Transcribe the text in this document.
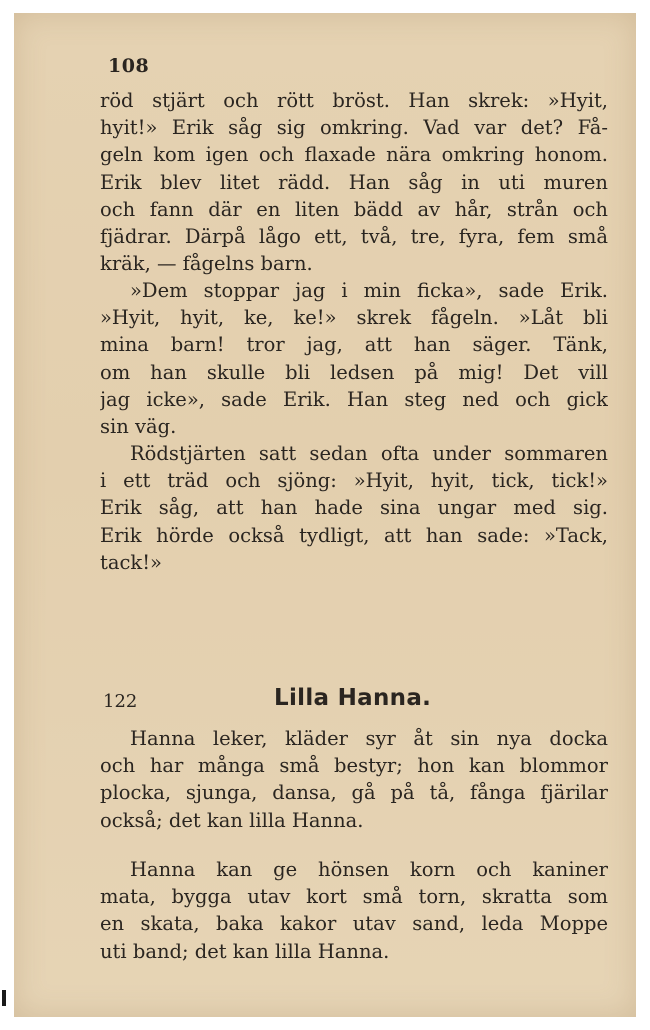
108
röd stjärt och rött bröst. Han skrek: »Hyit,
hyit!» Erik såg sig omkring. Vad var det? Få-
geln kom igen och flaxade nära omkring honom.
Erik blev litet rädd. Han såg in uti muren
och fann där en liten bädd av hår, strån och
fjädrar. Därpå lågo ett, två, tre, fyra, fem små
kräk, — fågelns barn.
»Dem stoppar jag i min ficka», sade Erik.
»Hyit, hyit, ke, ke!» skrek fågeln. »Låt bli
mina barn! tror jag, att han säger. Tänk,
om han skulle bli ledsen på mig! Det vill
jag icke», sade Erik. Han steg ned och gick
sin väg.
Rödstjärten satt sedan ofta under sommaren
i ett träd och sjöng: »Hyit, hyit, tick, tick!»
Erik såg, att han hade sina ungar med sig.
Erik hörde också tydligt, att han sade: »Tack,
tack!»
122	Lilla Hanna.
Hanna leker, kläder syr åt sin nya docka
och har många små bestyr; hon kan blommor
plocka, sjunga, dansa, gå på tå, fånga fjärilar
också; det kan lilla Hanna.
Hanna kan ge hönsen korn och kaniner
mata, bygga utav kort små torn, skratta som
en skata, baka kakor utav sand, leda Moppe
uti band; det kan lilla Hanna.
